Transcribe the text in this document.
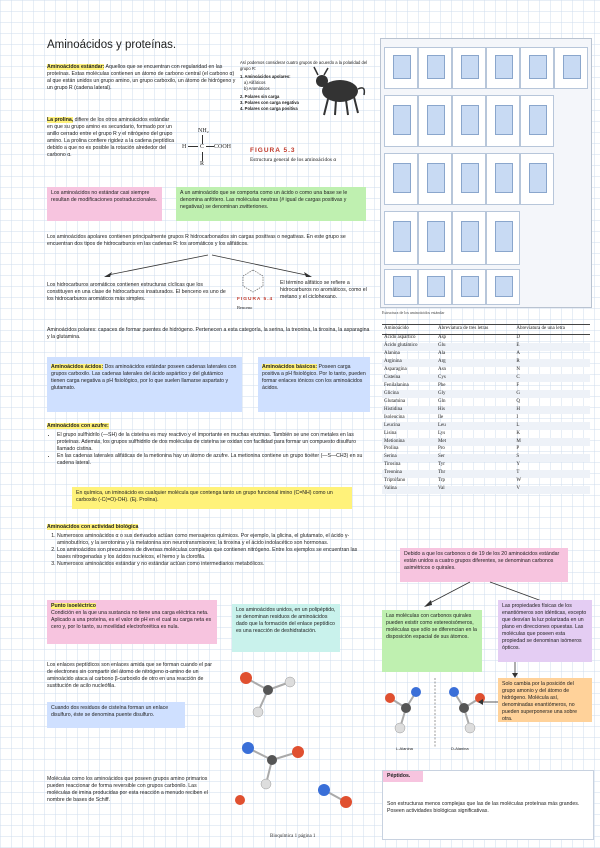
Aminoácidos y proteínas.
Aminoácidos estándar: Aquellos que se encuentran con regularidad en las proteínas. Estas moléculas contienen un átomo de carbono central (el carbono α) al que están unidos un grupo amino, un grupo carboxilo, un átomo de hidrógeno y un grupo R (cadena lateral).
La prolina, difiere de los otros aminoácidos estándar en que su grupo amino es secundario, formado por un anillo cerrado entre el grupo R y el nitrógeno del grupo amino. La prolina confiere rigidez a la cadena peptídica debido a que no es posible la rotación alrededor del carbono α.
NH₂
H C COOH
R
Así podemos considerar cuatro grupos de acuerdo a la polaridad del grupo R:
1. Aminoácidos apolares:
a) Alifáticos
b) Aromáticos
2. Polares sin carga
3. Polares con carga negativa
4. Polares con carga positiva
FIGURA 5.3
Estructura general de los aminoácidos α
Los aminoácidos no estándar casi siempre resultan de modificaciones postraduccionales.
A un aminoácido que se comporta como un ácido o como una base se le denomina anfótero. Las moléculas neutras (# igual de cargas positivas y negativas) se denominan zwitteriones.
Los aminoácidos apolares contienen principalmente grupos R hidrocarbonados sin cargas positivas o negativas. En este grupo se encuentran dos tipos de hidrocarburos en las cadenas R: los aromáticos y los alifáticos.
Los hidrocarburos aromáticos contienen estructuras cíclicas que los constituyen en una clase de hidrocarburos insaturados. El benceno es uno de los hidrocarburos aromáticos más simples.	FIGURA 5.4
Benceno
El término alifático se refiere a hidrocarburos no aromáticos, como el metano y el ciclohexano.
Aminoácidos polares: capaces de formar puentes de hidrógeno. Pertenecen a esta categoría, la serina, la treonina, la tirosina, la asparagina y la glutamina.
Aminoácidos ácidos: Dos aminoácidos estándar poseen cadenas laterales con grupos carboxilo. Las cadenas laterales del ácido aspártico y del glutámico tienen carga negativa a pH fisiológico, por lo que suelen llamarse aspartato y glutamato.
Aminoácidos básicos: Poseen carga positiva a pH fisiológico. Por lo tanto, pueden formar enlaces iónicos con los aminoácidos ácidos.
Aminoácidos con azufre:
• El grupo sulfhidrilo (—SH) de la cisteína es muy reactivo y el importante en muchas enzimas. También se une con metales en las proteínas. Además, los grupos sulfhidrilo de dos moléculas de cisteína se oxidan con facilidad para formar un compuesto disulfuro llamado cistina.
• En las cadenas laterales alifáticas de la metionina hay un átomo de azufre. La metionina contiene un grupo tioéter (—S—CH3) en su cadena lateral.
En química, un iminoácido es cualquier molécula que contenga tanto un grupo funcional imino (C=NH) como un carboxilo (-C(=O)-OH). (Ej. Prolina).
Aminoácidos con actividad biológica
1. Numerosos aminoácidos α o sus derivados actúan como mensajeros químicos. Por ejemplo, la glicina, el glutamato, el ácido γ-aminobutírico, y la serotonina y la melatonina son neurotransmisores; la tiroxina y el ácido indolacético son hormonas.
2. Los aminoácidos son precursores de diversas moléculas complejas que contienen nitrógeno. Entre los ejemplos se encuentran las bases nitrogenadas y los ácidos nucleicos, el hemo y la clorofila.
3. Numerosos aminoácidos estándar y no estándar actúan como intermediarios metabólicos.
Punto isoeléctrico
Condición en la que una sustancia no tiene una carga eléctrica neta. Aplicado a una proteína, es el valor de pH en el cual su carga neta es cero y, por lo tanto, su movilidad electroforética es nula.
Los aminoácidos unidos, en un polipéptido, se denominan residuos de aminoácidos dado que la formación del enlace peptídico es una reacción de deshidratación.
Los enlaces peptídicos son enlaces amida que se forman cuando el par de electrones sin compartir del átomo de nitrógeno α-amino de un aminoácido ataca al carbono β-carboxilo de otro en una reacción de sustitución de acilo nucleófila.
Cuando dos residuos de cisteína forman un enlace disulfuro, éste se denomina puente disulfuro.
Moléculas como los aminoácidos que poseen grupos amino primarios pueden reaccionar de forma reversible con grupos carbonilo. Las moléculas de imina producidas por esta reacción a menudo reciben el nombre de bases de Schiff.
Estructura de los aminoácidos estándar
Aminoácido	Abreviatura de tres letras	Abreviatura de una letra
Ácido aspártico	Asp	D
Ácido glutámico	Glu	E
Alanina	Ala	A
Arginina	Arg	R
Asparagina	Asn	N
Cisteína	Cys	C
Fenilalanina	Phe	F
Glicina	Gly	G
Glutamina	Gln	Q
Histidina	His	H
Isoleucina	Ile	I
Leucina	Leu	L
Lisina	Lys	K
Metionina	Met	M
Prolina	Pro	P
Serina	Ser	S
Tirosina	Tyr	Y
Treonina	Thr	T
Triptófano	Trp	W
Valina	Val	V
Debido a que los carbonos α de 19 de los 20 aminoácidos estándar están unidos a cuatro grupos diferentes, se denominan carbonos asimétricos o quirales.
Las moléculas con carbonos quirales pueden existir como estereoisómeros, moléculas que sólo se diferencian en la disposición espacial de sus átomos.
Las propiedades físicas de los enantiómeros son idénticas, excepto que desvían la luz polarizada en un plano en direcciones opuestas. Las moléculas que poseen esta propiedad se denominan isómeros ópticos.
L-Alanina	D-Alanina
Solo cambia por la posición del grupo amonio y del átomo de hidrógeno. Molécula así, denominadas enantiómeros, no pueden superponerse una sobre otra.
Péptidos.
Son estructuras menos complejas que las de las moléculas proteínas más grandes. Poseen actividades biológicas significativas.
Bioquímica 1 página 1
